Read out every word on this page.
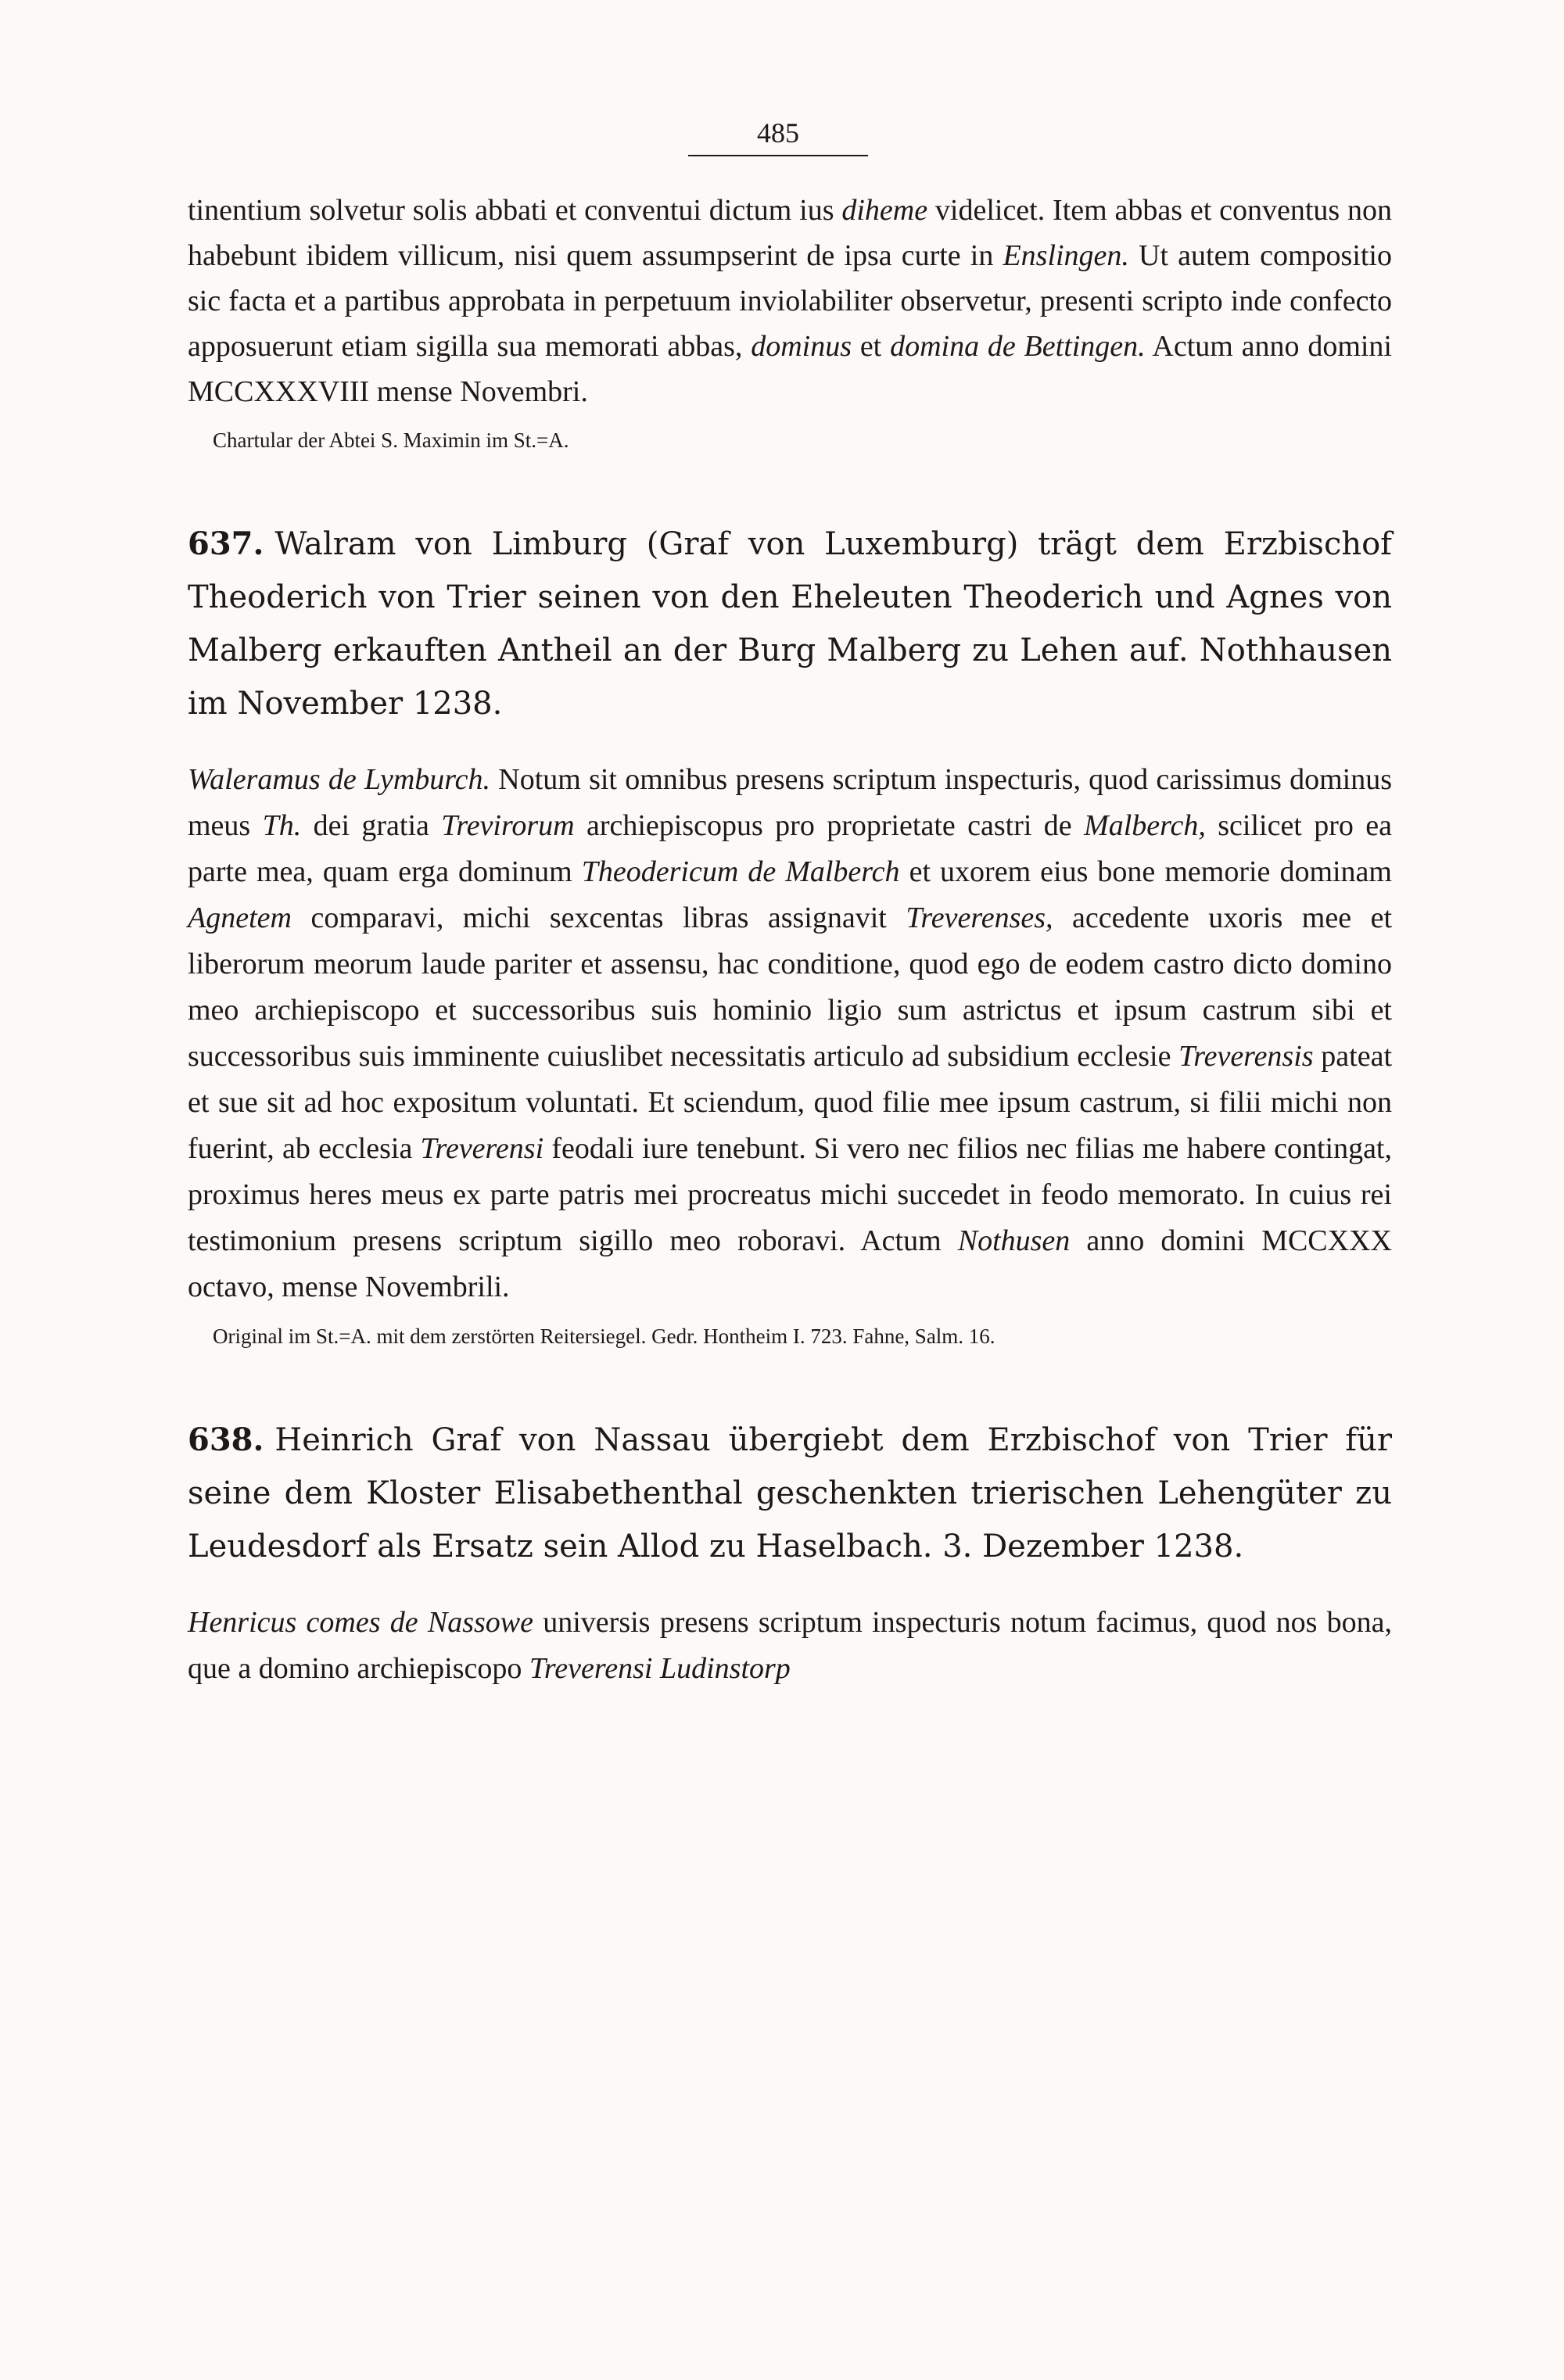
485

tinentium solvetur solis abbati et conventui dictum ius diheme videlicet. Item abbas et conventus non habebunt ibidem villicum, nisi quem assumpserint de ipsa curte in Enslingen. Ut autem compositio sic facta et a partibus approbata in perpetuum inviolabiliter observetur, presenti scripto inde confecto apposuerunt etiam sigilla sua memorati abbas, dominus et domina de Bettingen. Actum anno domini MCCXXXVIII mense Novembri.

Chartular der Abtei S. Maximin im St.=A.

637. Walram von Limburg (Graf von Luxemburg) trägt dem Erzbischof Theoderich von Trier seinen von den Eheleuten Theoderich und Agnes von Malberg erkauften Antheil an der Burg Malberg zu Lehen auf. Nothhausen im November 1238.

Waleramus de Lymburch. Notum sit omnibus presens scriptum inspecturis, quod carissimus dominus meus Th. dei gratia Trevirorum archiepiscopus pro proprietate castri de Malberch, scilicet pro ea parte mea, quam erga dominum Theodericum de Malberch et uxorem eius bone memorie dominam Agnetem comparavi, michi sexcentas libras assignavit Treverenses, accedente uxoris mee et liberorum meorum laude pariter et assensu, hac conditione, quod ego de eodem castro dicto domino meo archiepiscopo et successoribus suis hominio ligio sum astrictus et ipsum castrum sibi et successoribus suis imminente cuiuslibet necessitatis articulo ad subsidium ecclesie Treverensis pateat et sue sit ad hoc expositum voluntati. Et sciendum, quod filie mee ipsum castrum, si filii michi non fuerint, ab ecclesia Treverensi feodali iure tenebunt. Si vero nec filios nec filias me habere contingat, proximus heres meus ex parte patris mei procreatus michi succedet in feodo memorato. In cuius rei testimonium presens scriptum sigillo meo roboravi. Actum Nothusen anno domini MCCXXX octavo, mense Novembrili.

Original im St.=A. mit dem zerstörten Reitersiegel. Gedr. Hontheim I. 723. Fahne, Salm. 16.

638. Heinrich Graf von Nassau übergiebt dem Erzbischof von Trier für seine dem Kloster Elisabethenthal geschenkten trierischen Lehengüter zu Leudesdorf als Ersatz sein Allod zu Haselbach. 3. Dezember 1238.

Henricus comes de Nassowe universis presens scriptum inspecturis notum facimus, quod nos bona, que a domino archiepiscopo Treverensi Ludinstorp
